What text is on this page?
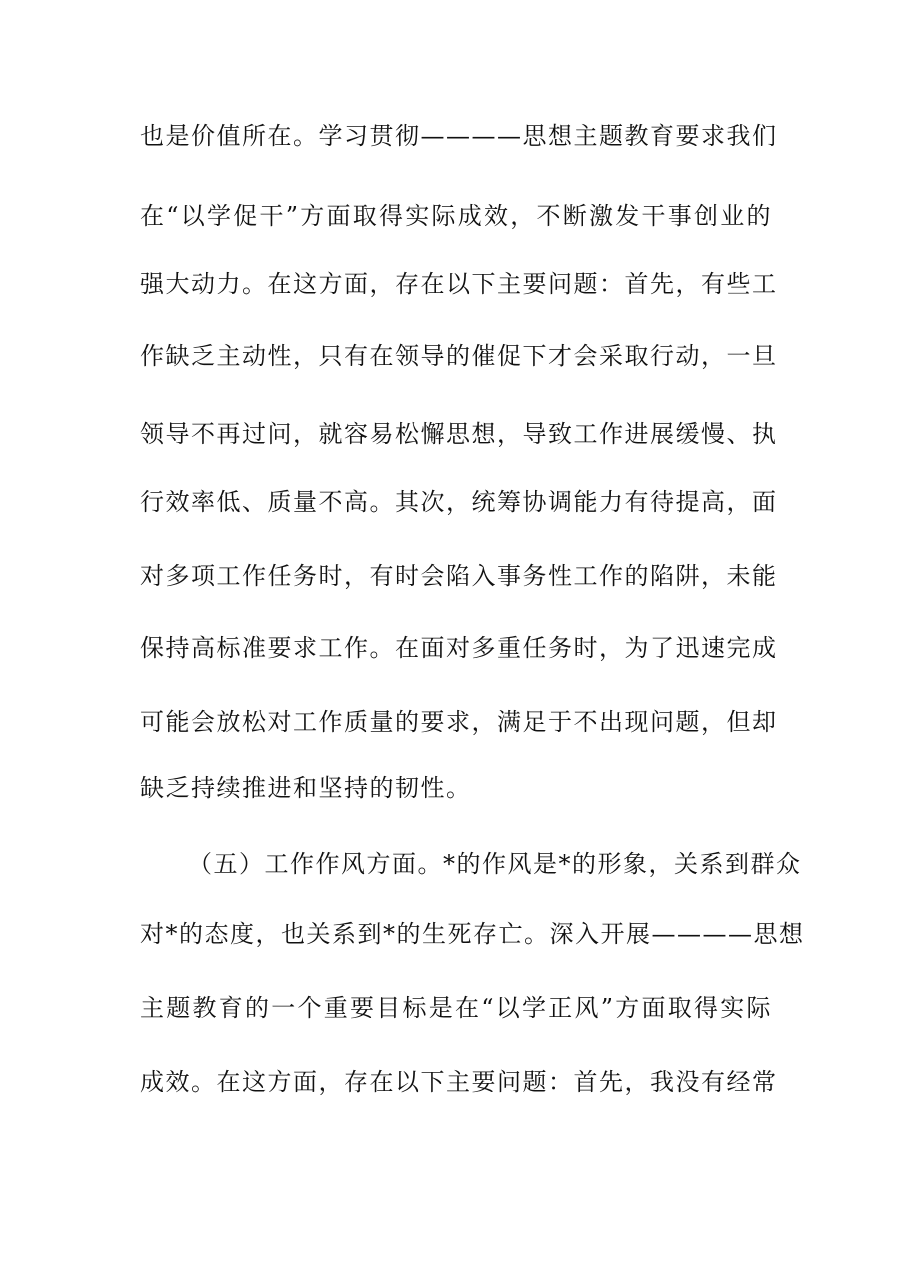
也是价值所在。学习贯彻————思想主题教育要求我们
在“以学促干”方面取得实际成效，不断激发干事创业的
强大动力。在这方面，存在以下主要问题：首先，有些工
作缺乏主动性，只有在领导的催促下才会采取行动，一旦
领导不再过问，就容易松懈思想，导致工作进展缓慢、执
行效率低、质量不高。其次，统筹协调能力有待提高，面
对多项工作任务时，有时会陷入事务性工作的陷阱，未能
保持高标准要求工作。在面对多重任务时，为了迅速完成
可能会放松对工作质量的要求，满足于不出现问题，但却
缺乏持续推进和坚持的韧性。
（五）工作作风方面。*的作风是*的形象，关系到群众
对*的态度，也关系到*的生死存亡。深入开展————思想
主题教育的一个重要目标是在“以学正风”方面取得实际
成效。在这方面，存在以下主要问题：首先，我没有经常
